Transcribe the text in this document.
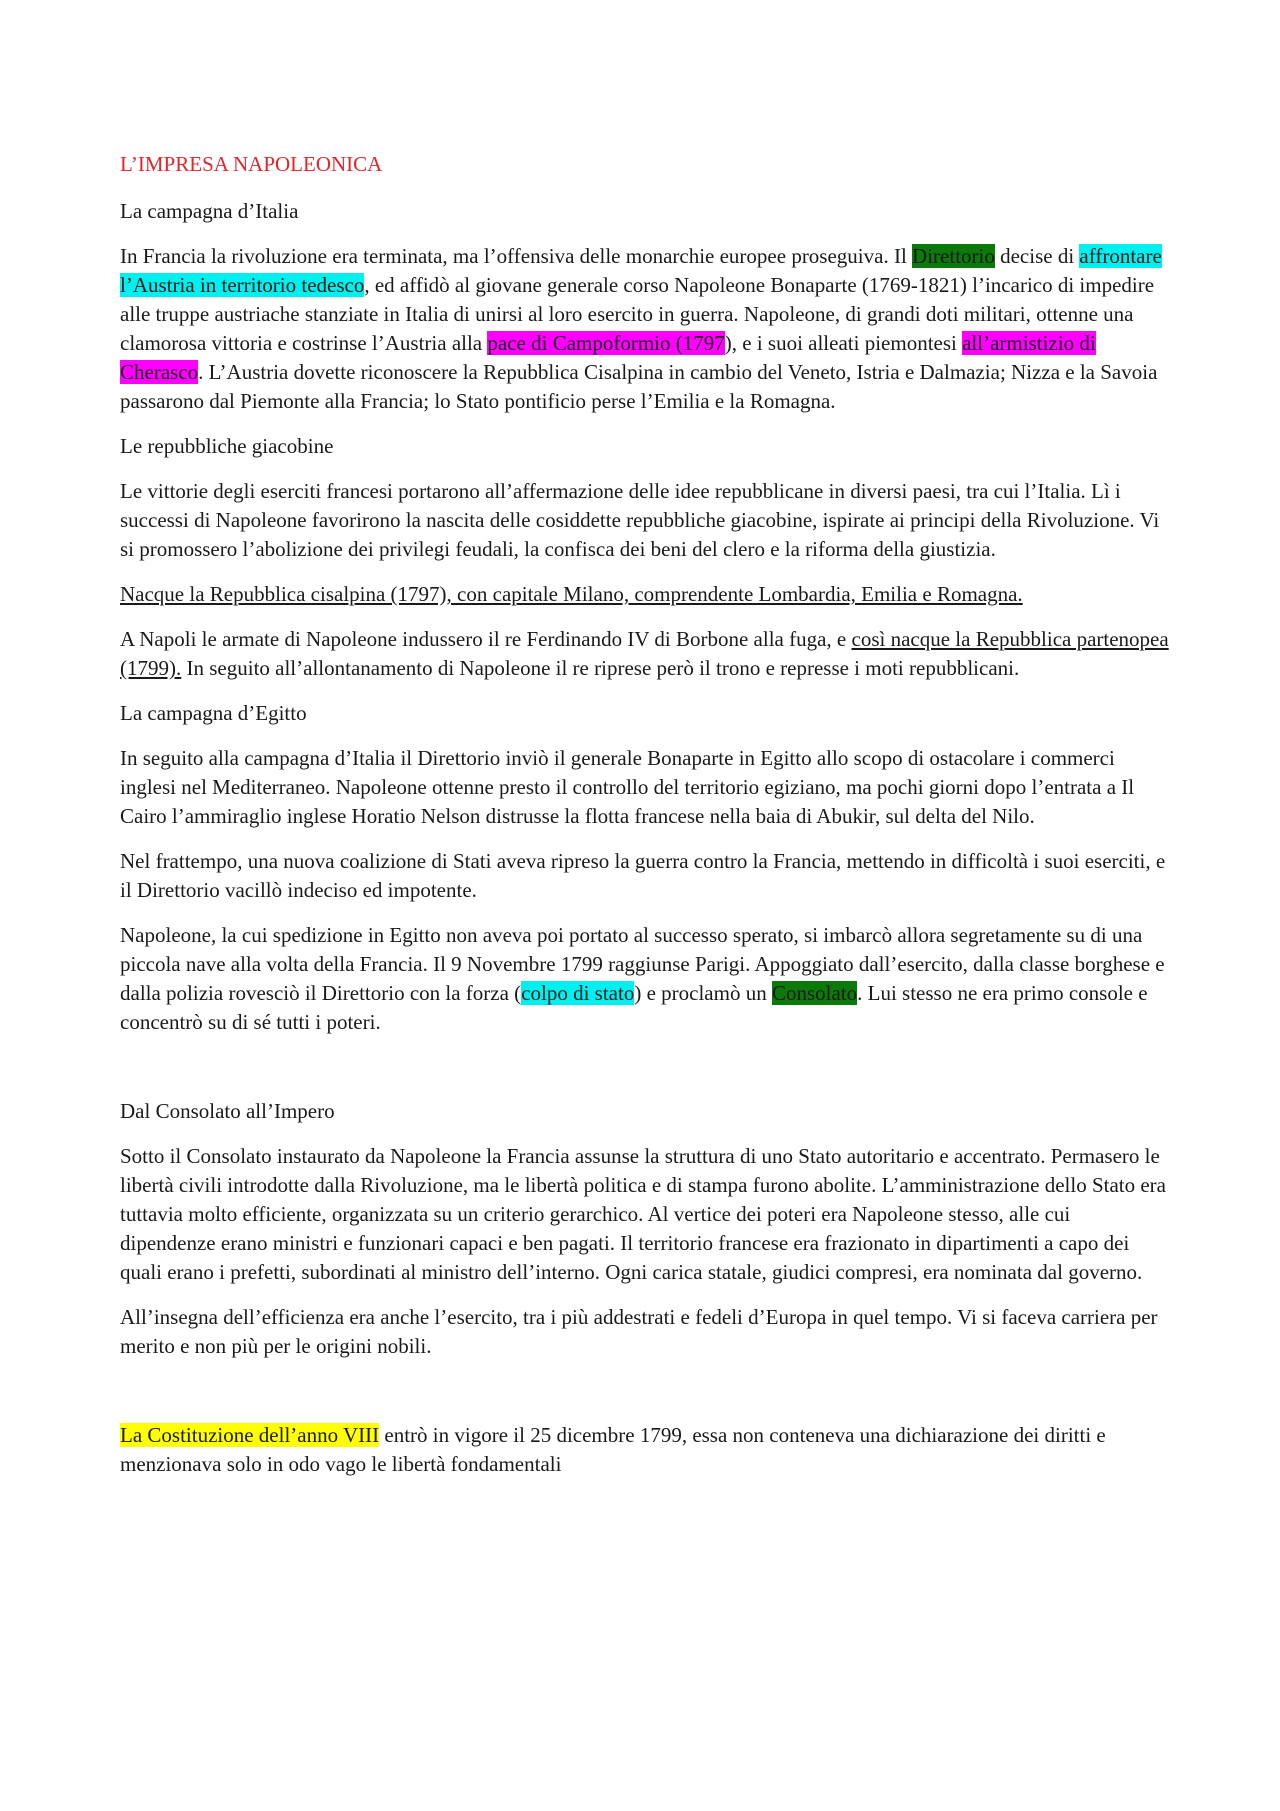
L’IMPRESA NAPOLEONICA
La campagna d’Italia

In Francia la rivoluzione era terminata, ma l’offensiva delle monarchie europee proseguiva. Il Direttorio decise di affrontare l’Austria in territorio tedesco, ed affidò al giovane generale corso Napoleone Bonaparte (1769-1821) l’incarico di impedire alle truppe austriache stanziate in Italia di unirsi al loro esercito in guerra. Napoleone, di grandi doti militari, ottenne una clamorosa vittoria e costrinse l’Austria alla pace di Campoformio (1797), e i suoi alleati piemontesi all’armistizio di Cherasco. L’Austria dovette riconoscere la Repubblica Cisalpina in cambio del Veneto, Istria e Dalmazia; Nizza e la Savoia passarono dal Piemonte alla Francia; lo Stato pontificio perse l’Emilia e la Romagna.

Le repubbliche giacobine

Le vittorie degli eserciti francesi portarono all’affermazione delle idee repubblicane in diversi paesi, tra cui l’Italia. Lì i successi di Napoleone favorirono la nascita delle cosiddette repubbliche giacobine, ispirate ai principi della Rivoluzione. Vi si promossero l’abolizione dei privilegi feudali, la confisca dei beni del clero e la riforma della giustizia.

Nacque la Repubblica cisalpina (1797), con capitale Milano, comprendente Lombardia, Emilia e Romagna.

A Napoli le armate di Napoleone indussero il re Ferdinando IV di Borbone alla fuga, e così nacque la Repubblica partenopea (1799). In seguito all’allontanamento di Napoleone il re riprese però il trono e represse i moti repubblicani.

La campagna d’Egitto

In seguito alla campagna d’Italia il Direttorio inviò il generale Bonaparte in Egitto allo scopo di ostacolare i commerci inglesi nel Mediterraneo. Napoleone ottenne presto il controllo del territorio egiziano, ma pochi giorni dopo l’entrata a Il Cairo l’ammiraglio inglese Horatio Nelson distrusse la flotta francese nella baia di Abukir, sul delta del Nilo.

Nel frattempo, una nuova coalizione di Stati aveva ripreso la guerra contro la Francia, mettendo in difficoltà i suoi eserciti, e il Direttorio vacillò indeciso ed impotente.

Napoleone, la cui spedizione in Egitto non aveva poi portato al successo sperato, si imbarcò allora segretamente su di una piccola nave alla volta della Francia. Il 9 Novembre 1799 raggiunse Parigi. Appoggiato dall’esercito, dalla classe borghese e dalla polizia rovesciò il Direttorio con la forza (colpo di stato) e proclamò un Consolato. Lui stesso ne era primo console e concentrò su di sé tutti i poteri.

Dal Consolato all’Impero

Sotto il Consolato instaurato da Napoleone la Francia assunse la struttura di uno Stato autoritario e accentrato. Permasero le libertà civili introdotte dalla Rivoluzione, ma le libertà politica e di stampa furono abolite. L’amministrazione dello Stato era tuttavia molto efficiente, organizzata su un criterio gerarchico. Al vertice dei poteri era Napoleone stesso, alle cui dipendenze erano ministri e funzionari capaci e ben pagati. Il territorio francese era frazionato in dipartimenti a capo dei quali erano i prefetti, subordinati al ministro dell’interno. Ogni carica statale, giudici compresi, era nominata dal governo.

All’insegna dell’efficienza era anche l’esercito, tra i più addestrati e fedeli d’Europa in quel tempo. Vi si faceva carriera per merito e non più per le origini nobili.

La Costituzione dell’anno VIII entrò in vigore il 25 dicembre 1799, essa non conteneva una dichiarazione dei diritti e menzionava solo in odo vago le libertà fondamentali
